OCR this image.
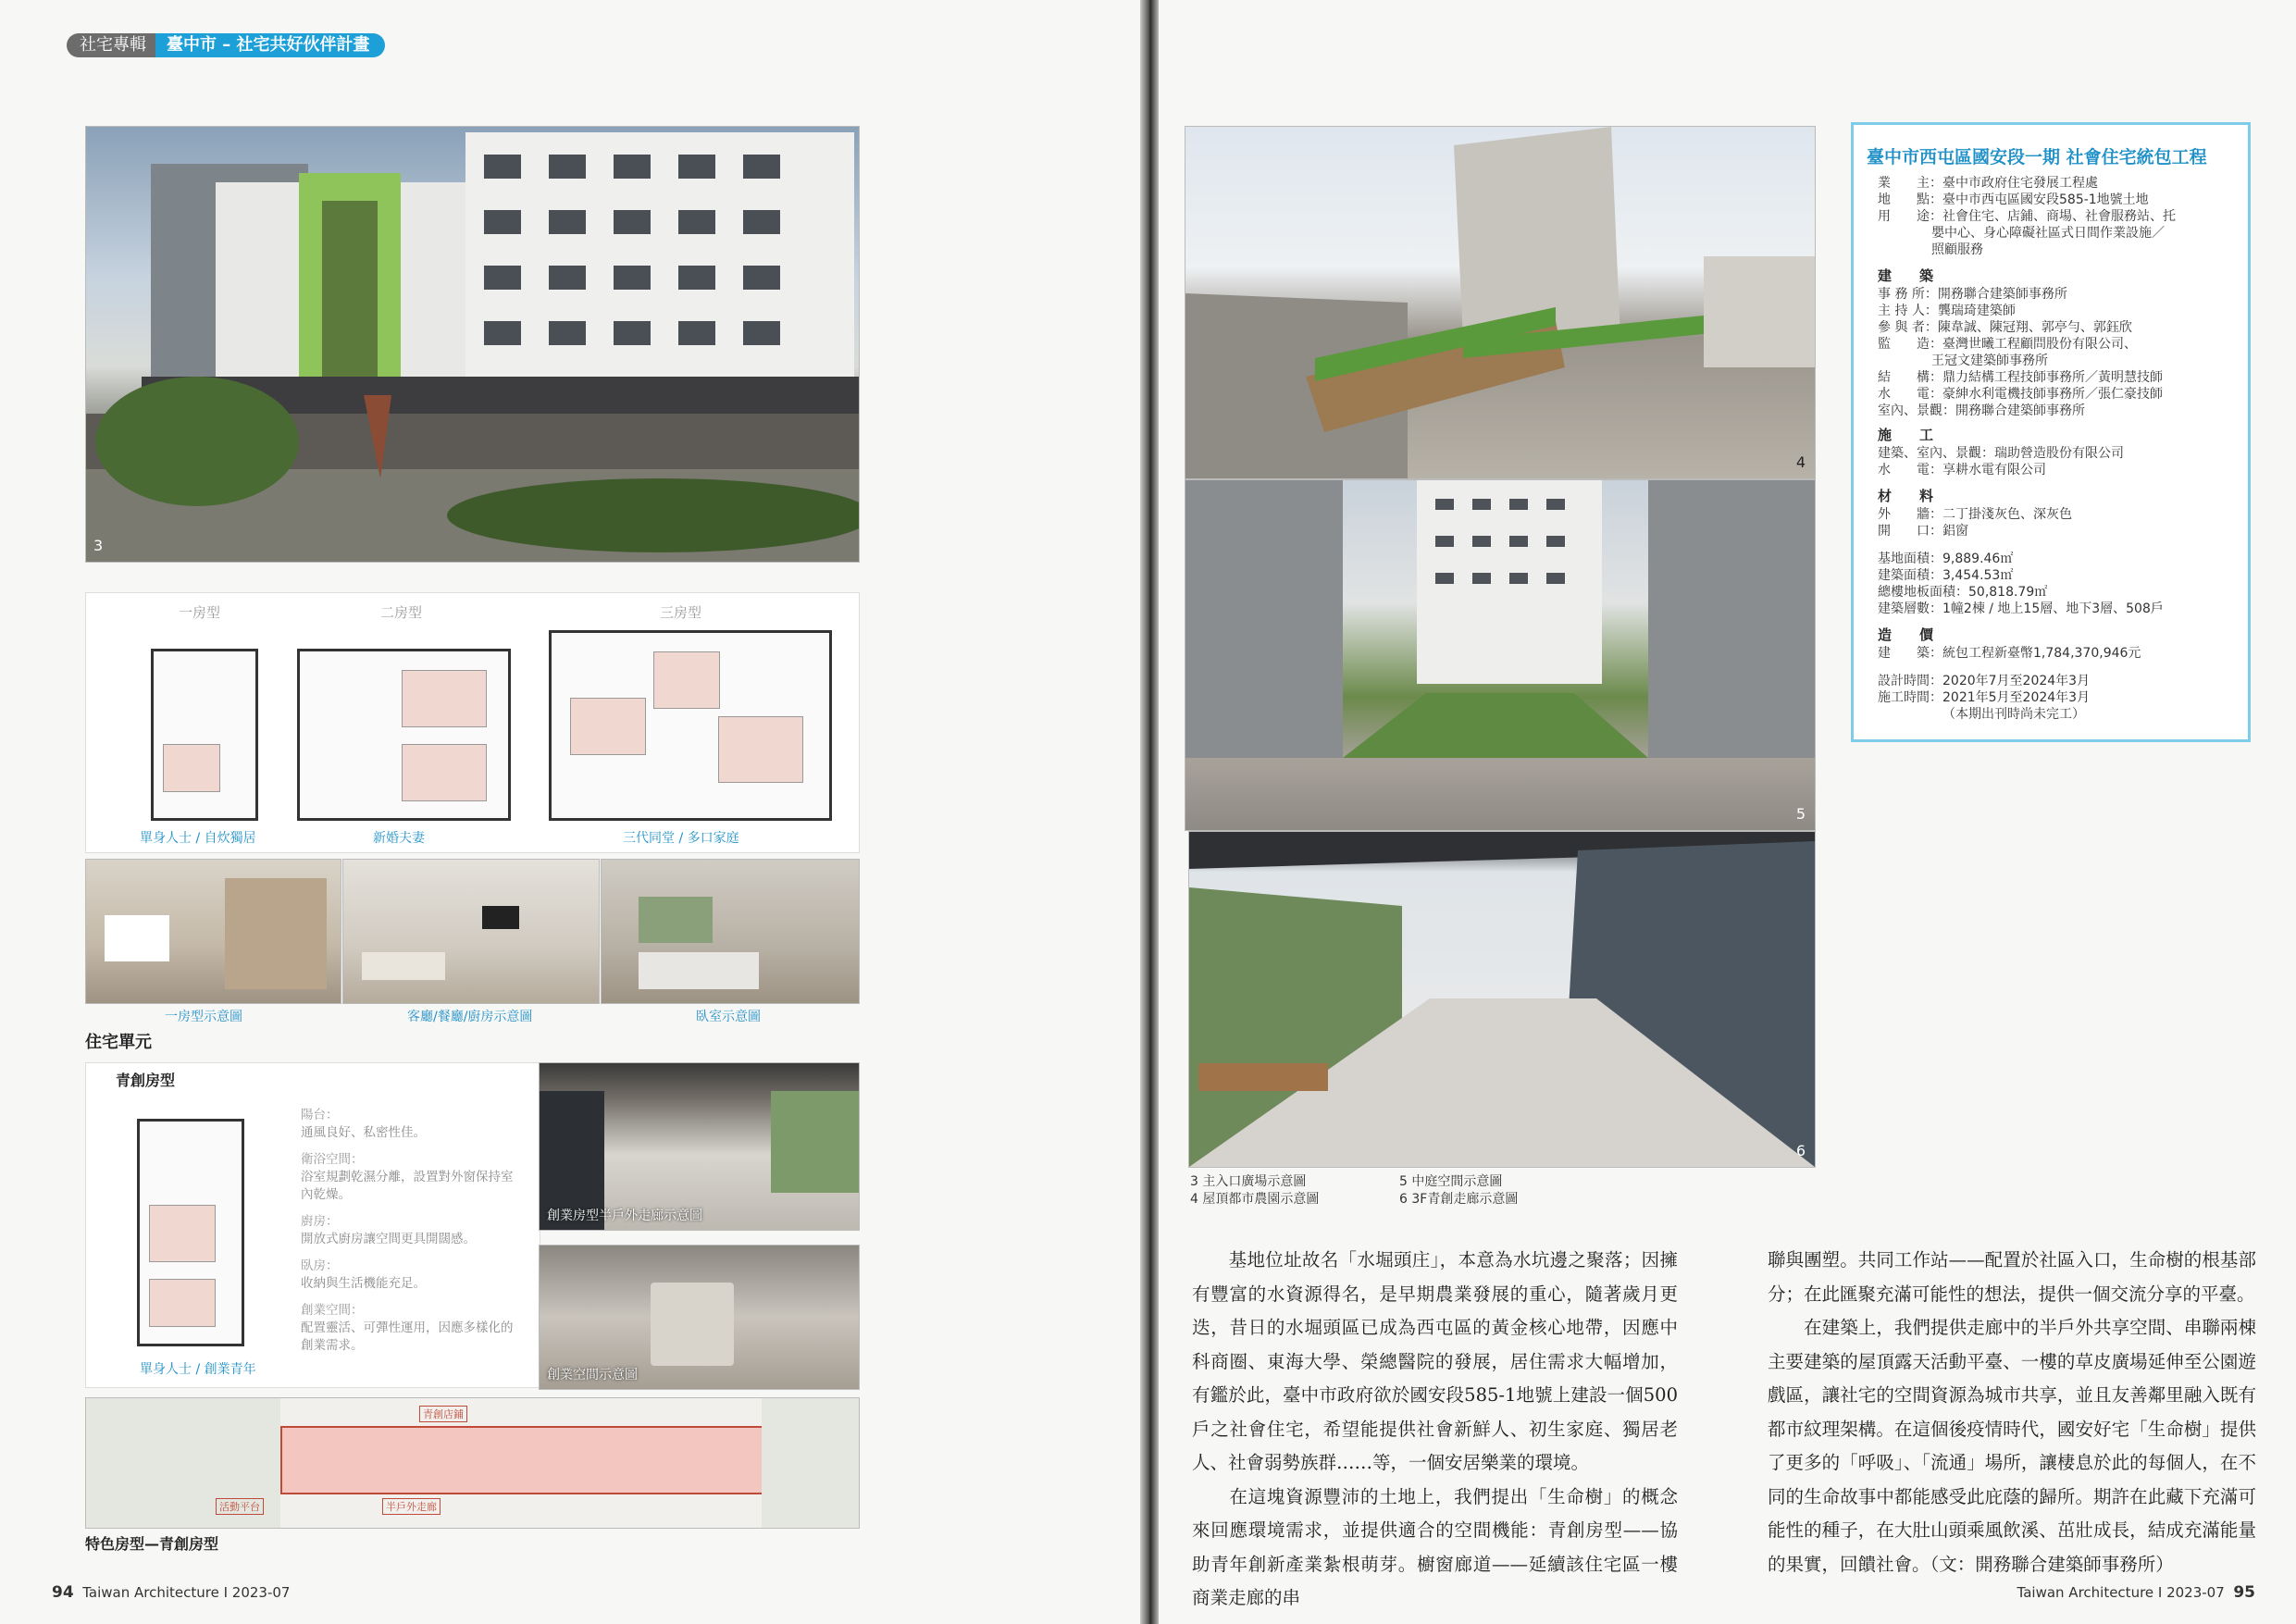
社宅專輯	臺中市 – 社宅共好伙伴計畫
3
一房型	二房型	三房型
單身人士 / 自炊獨居	新婚夫妻	三代同堂 / 多口家庭
一房型示意圖	客廳/餐廳/廚房示意圖	臥室示意圖
住宅單元
青創房型
單身人士 / 創業青年
陽台：
通風良好、私密性佳。
衛浴空間：
浴室規劃乾濕分離，設置對外窗保持室內乾燥。
廚房：
開放式廚房讓空間更具開闊感。
臥房：
收納與生活機能充足。
創業空間：
配置靈活、可彈性運用，因應多樣化的創業需求。
創業房型半戶外走廊示意圖
創業空間示意圖
活動平台	半戶外走廊
青創店鋪
特色房型—青創房型
94 Taiwan Architecture I 2023-07
4
5
6
臺中市西屯區國安段一期 社會住宅統包工程
業　　主：臺中市政府住宅發展工程處
地　　點：臺中市西屯區國安段585-1地號土地
用　　途：社會住宅、店鋪、商場、社會服務站、托
嬰中心、身心障礙社區式日間作業設施／
照顧服務
建　　築
事 務 所：開務聯合建築師事務所
主 持 人：龔瑞琦建築師
參 與 者：陳韋誠、陳冠翔、郭亭勻、郭鈺欣
監　　造：臺灣世曦工程顧問股份有限公司、
王冠文建築師事務所
結　　構：鼎力結構工程技師事務所／黃明慧技師
水　　電：豪紳水利電機技師事務所／張仁豪技師
室內、景觀：開務聯合建築師事務所
施　　工
建築、室內、景觀：瑞助營造股份有限公司
水　　電：享耕水電有限公司
材　　料
外　　牆：二丁掛淺灰色、深灰色
開　　口：鋁窗
基地面積：9,889.46㎡
建築面積：3,454.53㎡
總樓地板面積：50,818.79㎡
建築層數：1幢2棟 / 地上15層、地下3層、508戶
造　　價
建　　築：統包工程新臺幣1,784,370,946元
設計時間：2020年7月至2024年3月
施工時間：2021年5月至2024年3月
（本期出刊時尚未完工）
3 主入口廣場示意圖
4 屋頂都市農園示意圖
5 中庭空間示意圖
6 3F青創走廊示意圖

　　基地位址故名「水堀頭庄」，本意為水坑邊之聚落；因擁有豐富的水資源得名，是早期農業發展的重心，隨著歲月更迭，昔日的水堀頭區已成為西屯區的黃金核心地帶，因應中科商圈、東海大學、榮總醫院的發展，居住需求大幅增加，有鑑於此，臺中市政府欲於國安段585-1地號上建設一個500戶之社會住宅，希望能提供社會新鮮人、初生家庭、獨居老人、社會弱勢族群……等，一個安居樂業的環境。

　　在這塊資源豐沛的土地上，我們提出「生命樹」的概念來回應環境需求，並提供適合的空間機能：青創房型——協助青年創新產業紮根萌芽。櫥窗廊道——延續該住宅區一樓商業走廊的串

聯與團塑。共同工作站——配置於社區入口，生命樹的根基部分；在此匯聚充滿可能性的想法，提供一個交流分享的平臺。

　　在建築上，我們提供走廊中的半戶外共享空間、串聯兩棟主要建築的屋頂露天活動平臺、一樓的草皮廣場延伸至公園遊戲區，讓社宅的空間資源為城市共享，並且友善鄰里融入既有都市紋理架構。在這個後疫情時代，國安好宅「生命樹」提供了更多的「呼吸」、「流通」場所，讓棲息於此的每個人，在不同的生命故事中都能感受此庇蔭的歸所。期許在此藏下充滿可能性的種子，在大肚山頭乘風飲溪、茁壯成長，結成充滿能量的果實，回饋社會。（文：開務聯合建築師事務所）

Taiwan Architecture I 2023-07 95
